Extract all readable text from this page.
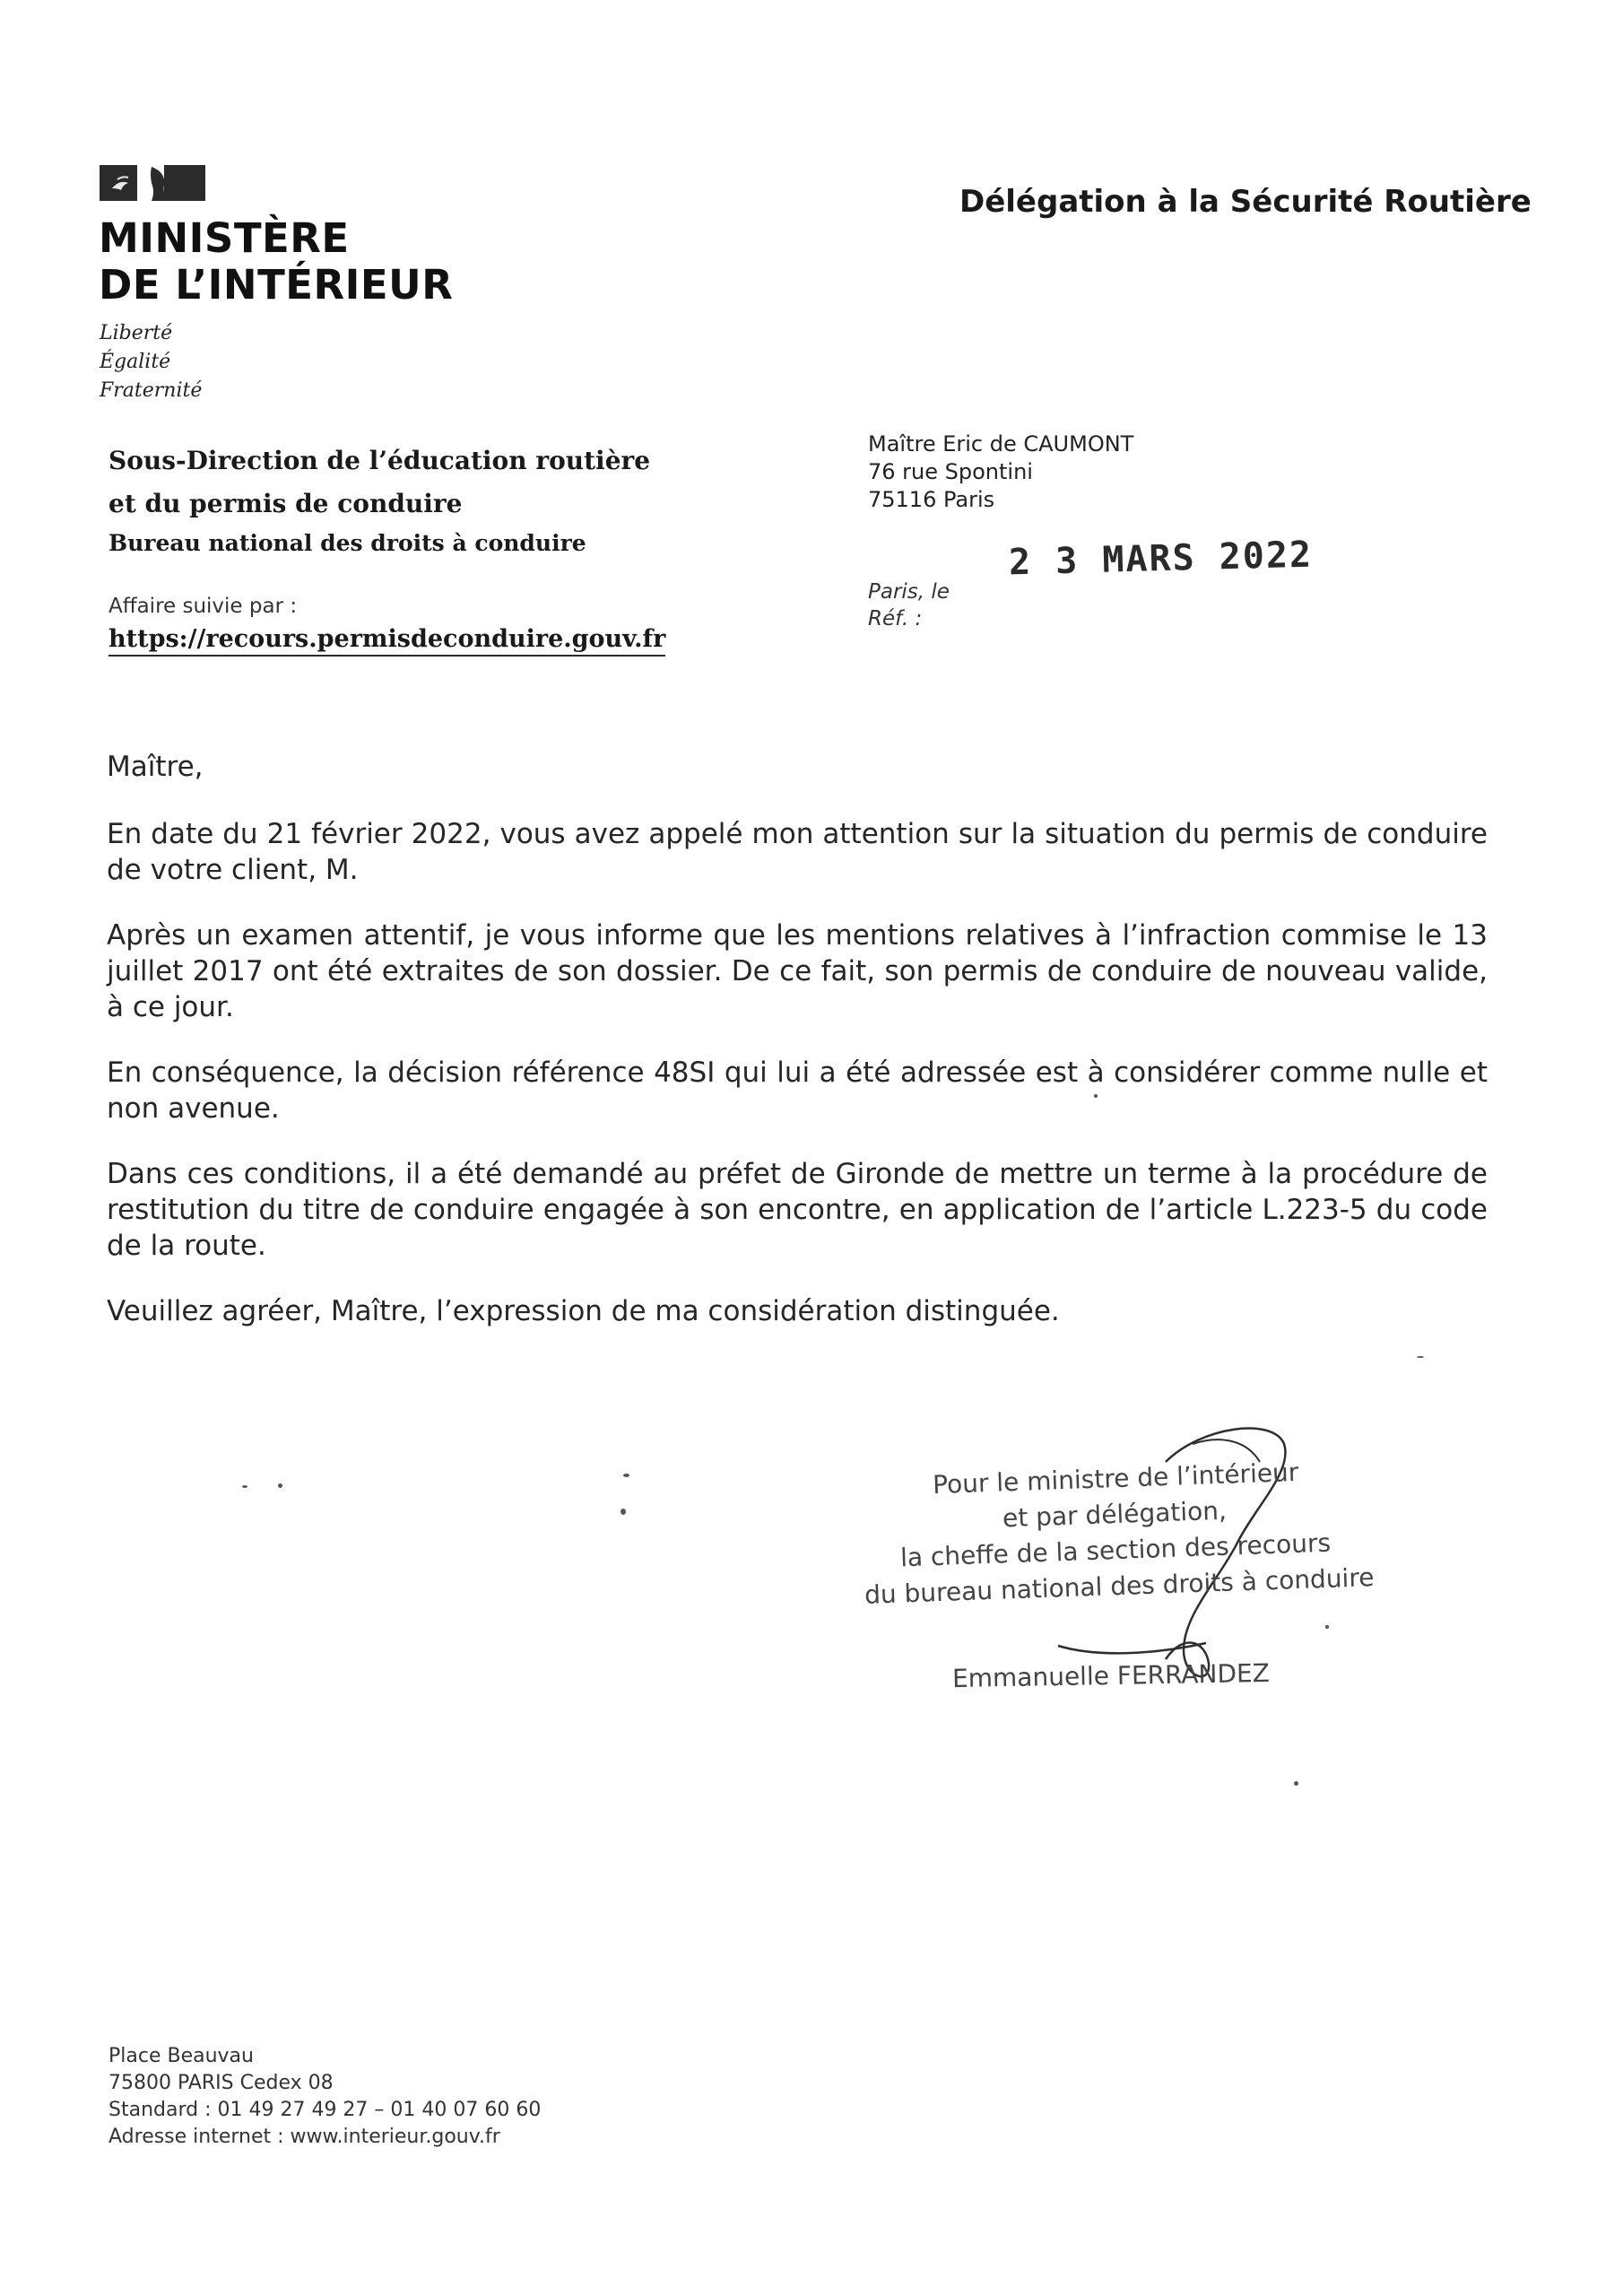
MINISTÈRE
DE L’INTÉRIEUR
Liberté
Égalité
Fraternité
Délégation à la Sécurité Routière
Sous-Direction de l’éducation routière
et du permis de conduire
Bureau national des droits à conduire
Affaire suivie par :
https://recours.permisdeconduire.gouv.fr
Maître Eric de CAUMONT
76 rue Spontini
75116 Paris
2 3 MARS 2022
Paris, le
Réf. :

Maître,

En date du 21 février 2022, vous avez appelé mon attention sur la situation du permis de conduire de votre client, M.

Après un examen attentif, je vous informe que les mentions relatives à l’infraction commise le 13 juillet 2017 ont été extraites de son dossier. De ce fait, son permis de conduire de nouveau valide, à ce jour.

En conséquence, la décision référence 48SI qui lui a été adressée est à considérer comme nulle et non avenue.

Dans ces conditions, il a été demandé au préfet de Gironde de mettre un terme à la procédure de restitution du titre de conduire engagée à son encontre, en application de l’article L.223-5 du code de la route.

Veuillez agréer, Maître, l’expression de ma considération distinguée.

Pour le ministre de l’intérieur
et par délégation,
la cheffe de la section des recours
du bureau national des droits à conduire
Emmanuelle FERRANDEZ
Place Beauvau
75800 PARIS Cedex 08
Standard : 01 49 27 49 27 – 01 40 07 60 60
Adresse internet : www.interieur.gouv.fr
